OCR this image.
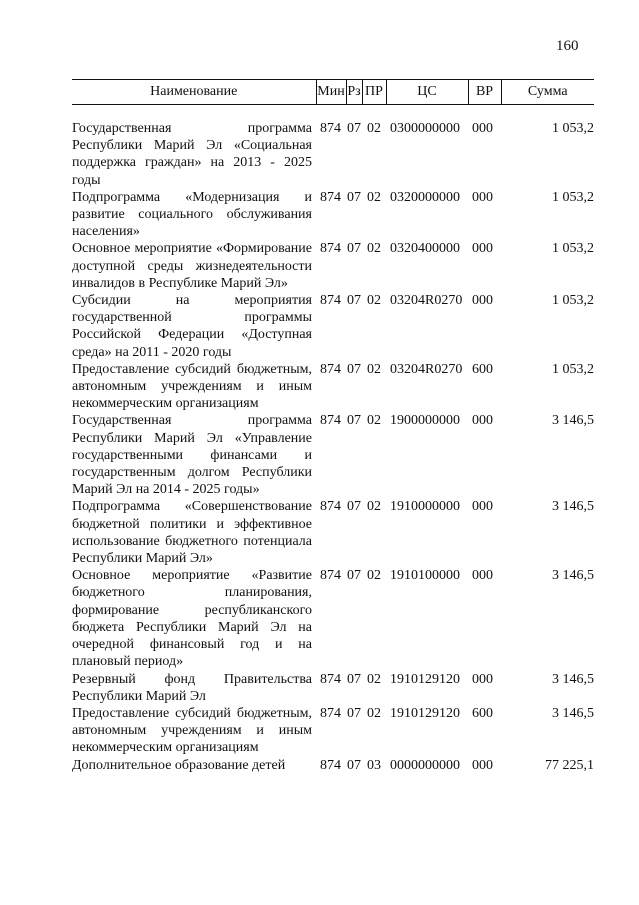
160
Наименование	Мин	Рз	ПР	ЦС	ВР	Сумма

Государственная программа Республики Марий Эл «Социальная поддержка граждан» на 2013 - 2025 годы	874	07	02	0300000000	000	1 053,2
Подпрограмма «Модернизация и развитие социального обслуживания населения»	874	07	02	0320000000	000	1 053,2
Основное мероприятие «Формирование доступной среды жизнедеятельности инвалидов в Республике Марий Эл»	874	07	02	0320400000	000	1 053,2
Субсидии на мероприятия государственной программы Российской Федерации «Доступная среда» на 2011 - 2020 годы	874	07	02	03204R0270	000	1 053,2
Предоставление субсидий бюджетным, автономным учреждениям и иным некоммерческим организациям	874	07	02	03204R0270	600	1 053,2
Государственная программа Республики Марий Эл «Управление государственными финансами и государственным долгом Республики Марий Эл на 2014 - 2025 годы»	874	07	02	1900000000	000	3 146,5
Подпрограмма «Совершенствование бюджетной политики и эффективное использование бюджетного потенциала Республики Марий Эл»	874	07	02	1910000000	000	3 146,5
Основное мероприятие «Развитие бюджетного планирования, формирование республиканского бюджета Республики Марий Эл на очередной финансовый год и на плановый период»	874	07	02	1910100000	000	3 146,5
Резервный фонд Правительства Республики Марий Эл	874	07	02	1910129120	000	3 146,5
Предоставление субсидий бюджетным, автономным учреждениям и иным некоммерческим организациям	874	07	02	1910129120	600	3 146,5
Дополнительное образование детей	874	07	03	0000000000	000	77 225,1
